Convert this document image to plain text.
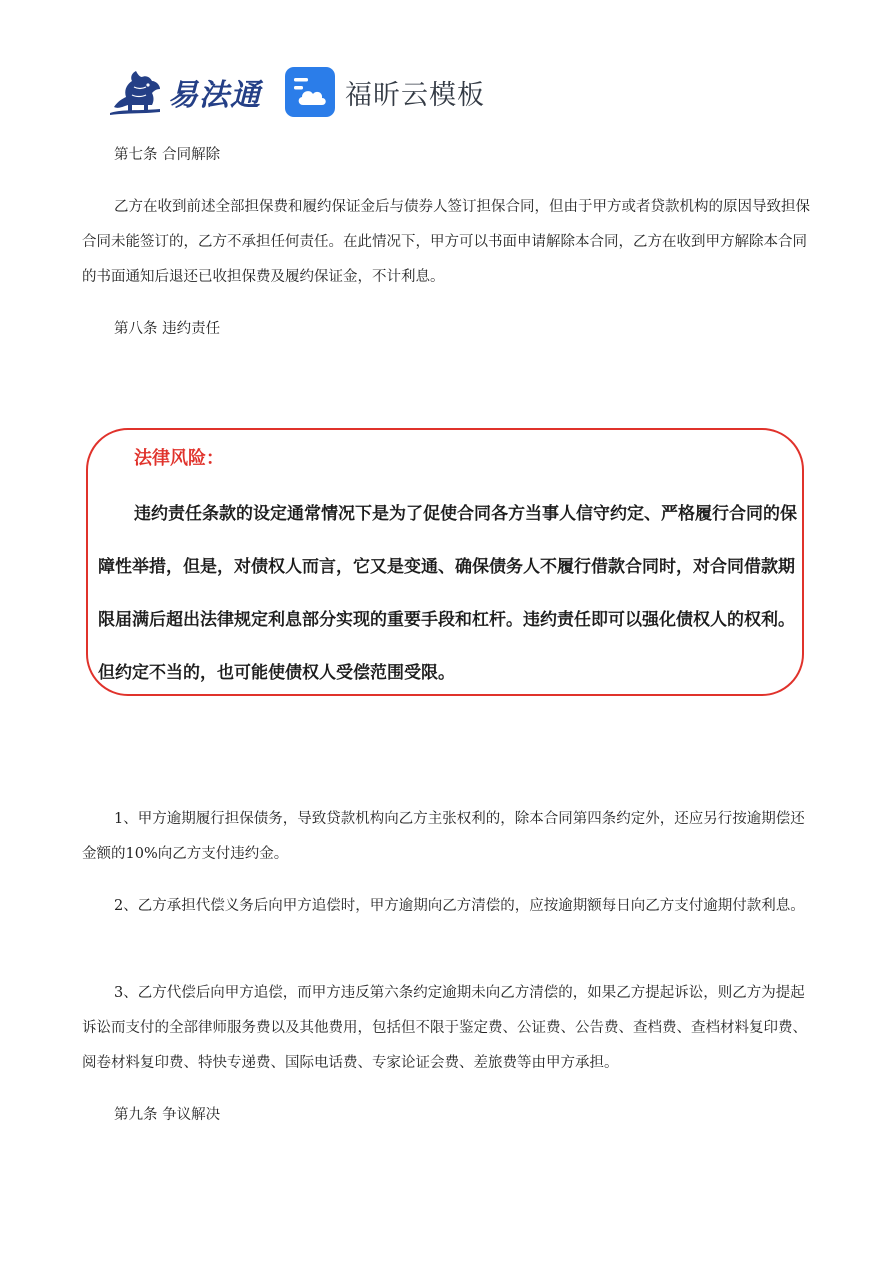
易法通	福昕云模板

第七条 合同解除

乙方在收到前述全部担保费和履约保证金后与债券人签订担保合同，但由于甲方或者贷款机构的原因导致担保合同未能签订的，乙方不承担任何责任。在此情况下，甲方可以书面申请解除本合同，乙方在收到甲方解除本合同的书面通知后退还已收担保费及履约保证金，不计利息。

第八条 违约责任

法律风险：

违约责任条款的设定通常情况下是为了促使合同各方当事人信守约定、严格履行合同的保障性举措，但是，对债权人而言，它又是变通、确保债务人不履行借款合同时，对合同借款期限届满后超出法律规定利息部分实现的重要手段和杠杆。违约责任即可以强化债权人的权利。但约定不当的，也可能使债权人受偿范围受限。

1、甲方逾期履行担保债务，导致贷款机构向乙方主张权利的，除本合同第四条约定外，还应另行按逾期偿还金额的10%向乙方支付违约金。

2、乙方承担代偿义务后向甲方追偿时，甲方逾期向乙方清偿的，应按逾期额每日向乙方支付逾期付款利息。

3、乙方代偿后向甲方追偿，而甲方违反第六条约定逾期未向乙方清偿的，如果乙方提起诉讼，则乙方为提起诉讼而支付的全部律师服务费以及其他费用，包括但不限于鉴定费、公证费、公告费、查档费、查档材料复印费、阅卷材料复印费、特快专递费、国际电话费、专家论证会费、差旅费等由甲方承担。

第九条 争议解决
